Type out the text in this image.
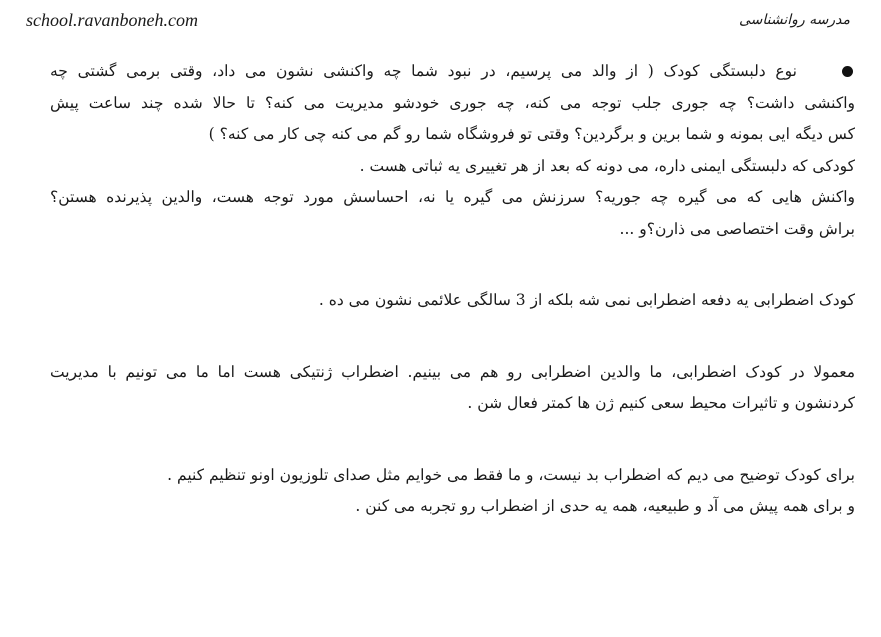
school.ravanboneh.com	مدرسه روانشناسی
نوع دلبستگی کودک ( از والد می پرسیم، در نبود شما چه واکنشی نشون می داد، وقتی برمی گشتی چه
واکنشی داشت؟ چه جوری جلب توجه می کنه، چه جوری خودشو مدیریت می کنه؟ تا حالا شده چند ساعت پیش
کس دیگه ایی بمونه و شما برین و برگردین؟ وقتی تو فروشگاه شما رو گم می کنه چی کار می کنه؟ )
کودکی که دلبستگی ایمنی داره، می دونه که بعد از هر تغییری یه ثباتی هست .
واکنش هایی که می گیره چه جوریه؟ سرزنش می گیره یا نه، احساسش مورد توجه هست، والدین پذیرنده هستن؟
براش وقت اختصاصی می ذارن؟و ...
کودک اضطرابی یه دفعه اضطرابی نمی شه بلکه از 3 سالگی علائمی نشون می ده .
معمولا در کودک اضطرابی، ما والدین اضطرابی رو هم می بینیم. اضطراب ژنتیکی هست اما ما می تونیم با مدیریت
کردنشون و تاثیرات محیط سعی کنیم ژن ها کمتر فعال شن .
برای کودک توضیح می دیم که اضطراب بد نیست، و ما فقط می خوایم مثل صدای تلوزیون اونو تنظیم کنیم .
و برای همه پیش می آد و طبیعیه، همه یه حدی از اضطراب رو تجربه می کنن .
